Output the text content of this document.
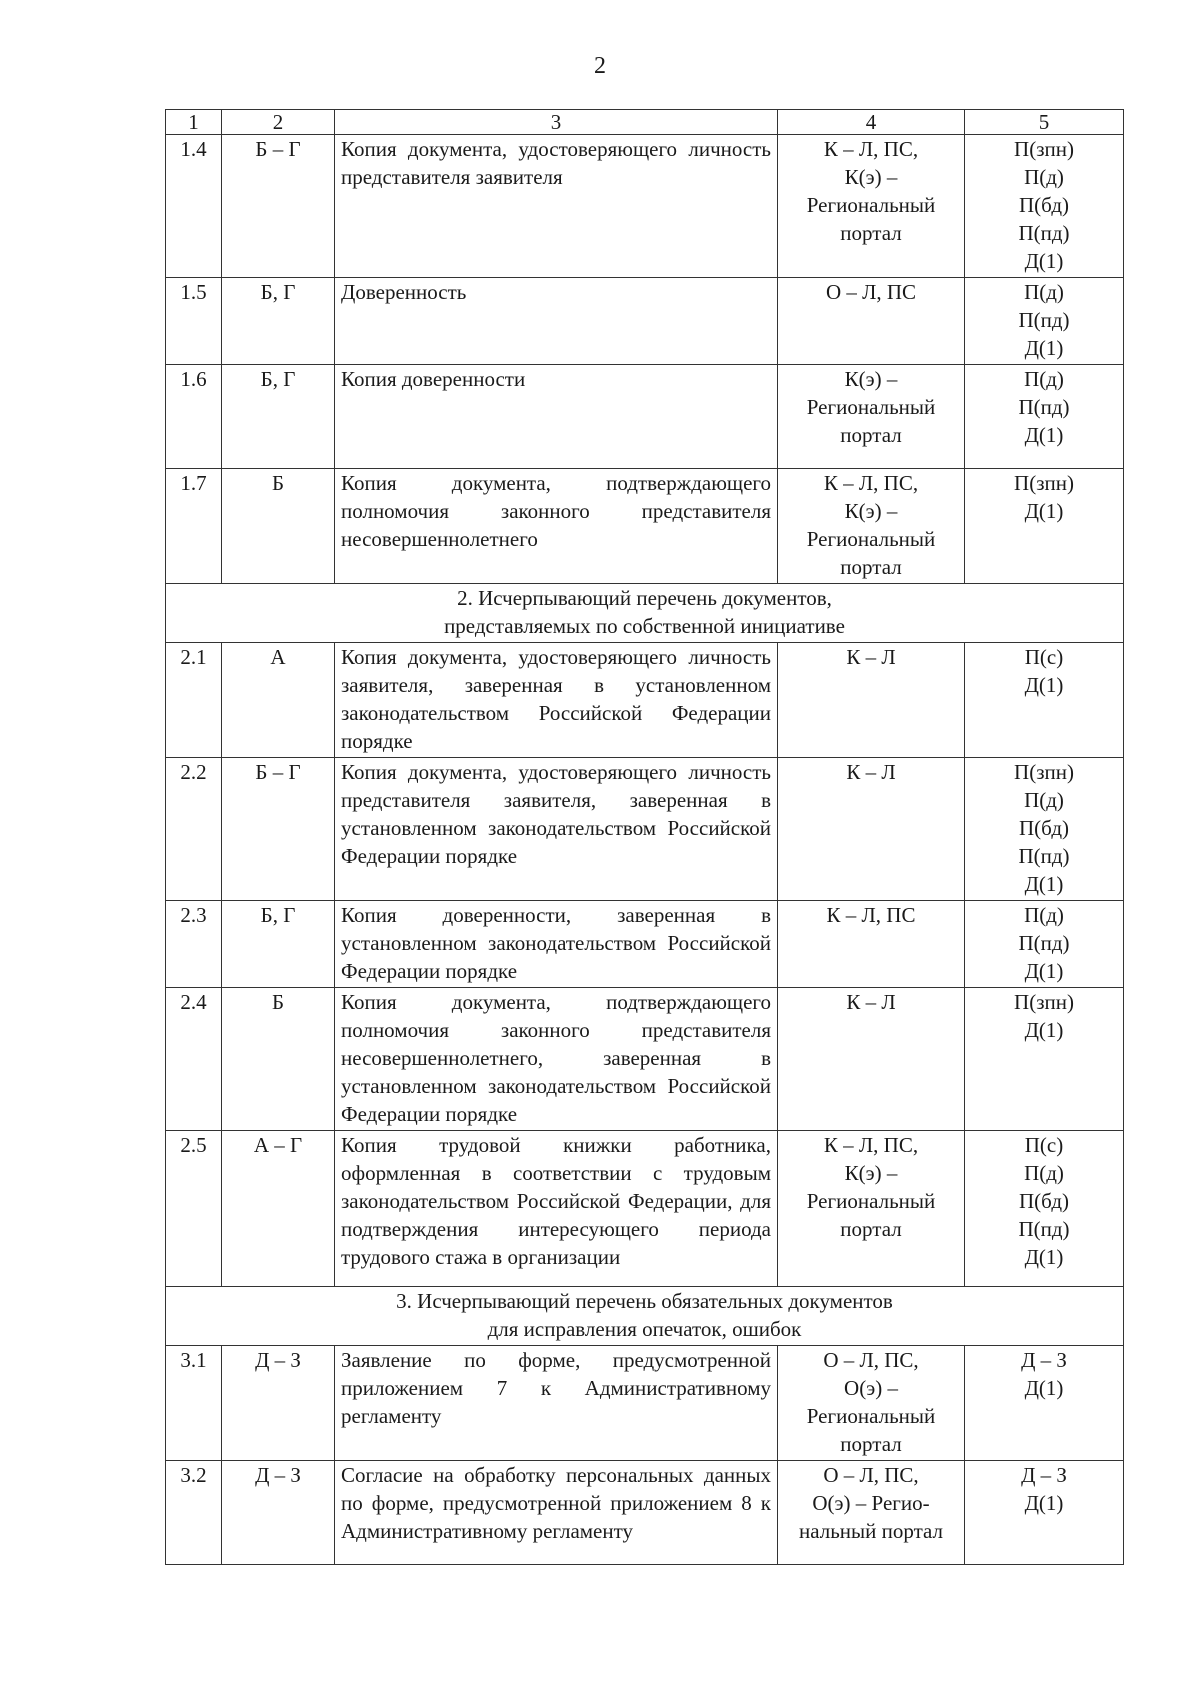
2
1	2	3	4	5
1.4	Б – Г	Копия документа, удостоверяющего личность представителя заявителя	К – Л, ПС,
К(э) –
Региональный
портал	П(зпн)
П(д)
П(бд)
П(пд)
Д(1)

1.5	Б, Г	Доверенность	О – Л, ПС	П(д)
П(пд)
Д(1)

1.6	Б, Г	Копия доверенности	К(э) –
Региональный
портал	П(д)
П(пд)
Д(1)

1.7	Б	Копия документа, подтверждающего полномочия законного представителя несовершеннолетнего	К – Л, ПС,
К(э) –
Региональный
портал	П(зпн)
Д(1)

2. Исчерпывающий перечень документов,
представляемых по собственной инициативе				

2.1	А	Копия документа, удостоверяющего личность заявителя, заверенная в установленном законодательством Российской Федерации порядке	К – Л	П(с)
Д(1)

2.2	Б – Г	Копия документа, удостоверяющего личность представителя заявителя, заверенная в установленном законодательством Российской Федерации порядке	К – Л	П(зпн)
П(д)
П(бд)
П(пд)
Д(1)

2.3	Б, Г	Копия доверенности, заверенная в установленном законодательством Российской Федерации порядке	К – Л, ПС	П(д)
П(пд)
Д(1)

2.4	Б	Копия документа, подтверждающего полномочия законного представителя несовершеннолетнего, заверенная в установленном законодательством Российской Федерации порядке	К – Л	П(зпн)
Д(1)

2.5	А – Г	Копия трудовой книжки работника, оформленная в соответствии с трудовым законодательством Российской Федерации, для подтверждения интересующего периода трудового стажа в организации	К – Л, ПС,
К(э) –
Региональный
портал	П(с)
П(д)
П(бд)
П(пд)
Д(1)

3. Исчерпывающий перечень обязательных документов
для исправления опечаток, ошибок				

3.1	Д – З	Заявление по форме, предусмотренной приложением 7 к Административному регламенту	О – Л, ПС,
О(э) –
Региональный
портал	Д – З
Д(1)

3.2	Д – З	Согласие на обработку персональных данных по форме, предусмотренной приложением 8 к Административному регламенту	О – Л, ПС,
О(э) – Регио-
нальный портал	Д – З
Д(1)
